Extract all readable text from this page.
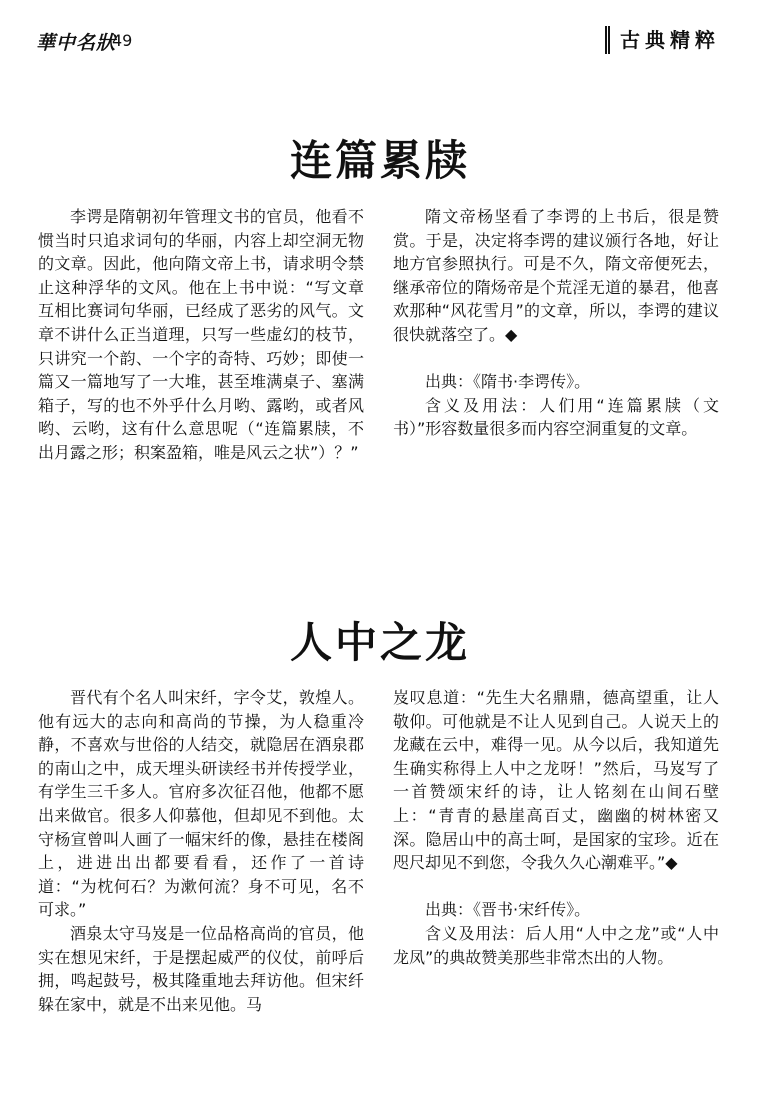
華中名狀
49	古典精粹
连篇累牍

李谔是隋朝初年管理文书的官员，他看不惯当时只追求词句的华丽，内容上却空洞无物的文章。因此，他向隋文帝上书，请求明令禁止这种浮华的文风。他在上书中说：“写文章互相比赛词句华丽，已经成了恶劣的风气。文章不讲什么正当道理，只写一些虚幻的枝节，只讲究一个韵、一个字的奇特、巧妙；即使一篇又一篇地写了一大堆，甚至堆满桌子、塞满箱子，写的也不外乎什么月哟、露哟，或者风哟、云哟，这有什么意思呢（“连篇累牍，不出月露之形；积案盈箱，唯是风云之状”）？”

隋文帝杨坚看了李谔的上书后，很是赞赏。于是，决定将李谔的建议颁行各地，好让地方官参照执行。可是不久，隋文帝便死去，继承帝位的隋炀帝是个荒淫无道的暴君，他喜欢那种“风花雪月”的文章，所以，李谔的建议很快就落空了。◆

出典：《隋书·李谔传》。

含义及用法：人们用“连篇累牍（文书）”形容数量很多而内容空洞重复的文章。

人中之龙

晋代有个名人叫宋纤，字令艾，敦煌人。他有远大的志向和高尚的节操，为人稳重冷静，不喜欢与世俗的人结交，就隐居在酒泉郡的南山之中，成天埋头研读经书并传授学业，有学生三千多人。官府多次征召他，他都不愿出来做官。很多人仰慕他，但却见不到他。太守杨宣曾叫人画了一幅宋纤的像，悬挂在楼阁上，进进出出都要看看，还作了一首诗道：“为枕何石？为漱何流？身不可见，名不可求。”

酒泉太守马岌是一位品格高尚的官员，他实在想见宋纤，于是摆起威严的仪仗，前呼后拥，鸣起鼓号，极其隆重地去拜访他。但宋纤躲在家中，就是不出来见他。马

岌叹息道：“先生大名鼎鼎，德高望重，让人敬仰。可他就是不让人见到自己。人说天上的龙藏在云中，难得一见。从今以后，我知道先生确实称得上人中之龙呀！”然后，马岌写了一首赞颂宋纤的诗，让人铭刻在山间石壁上：“青青的悬崖高百丈，幽幽的树林密又深。隐居山中的高士呵，是国家的宝珍。近在咫尺却见不到您，令我久久心潮难平。”◆

出典：《晋书·宋纤传》。

含义及用法：后人用“人中之龙”或“人中龙凤”的典故赞美那些非常杰出的人物。
